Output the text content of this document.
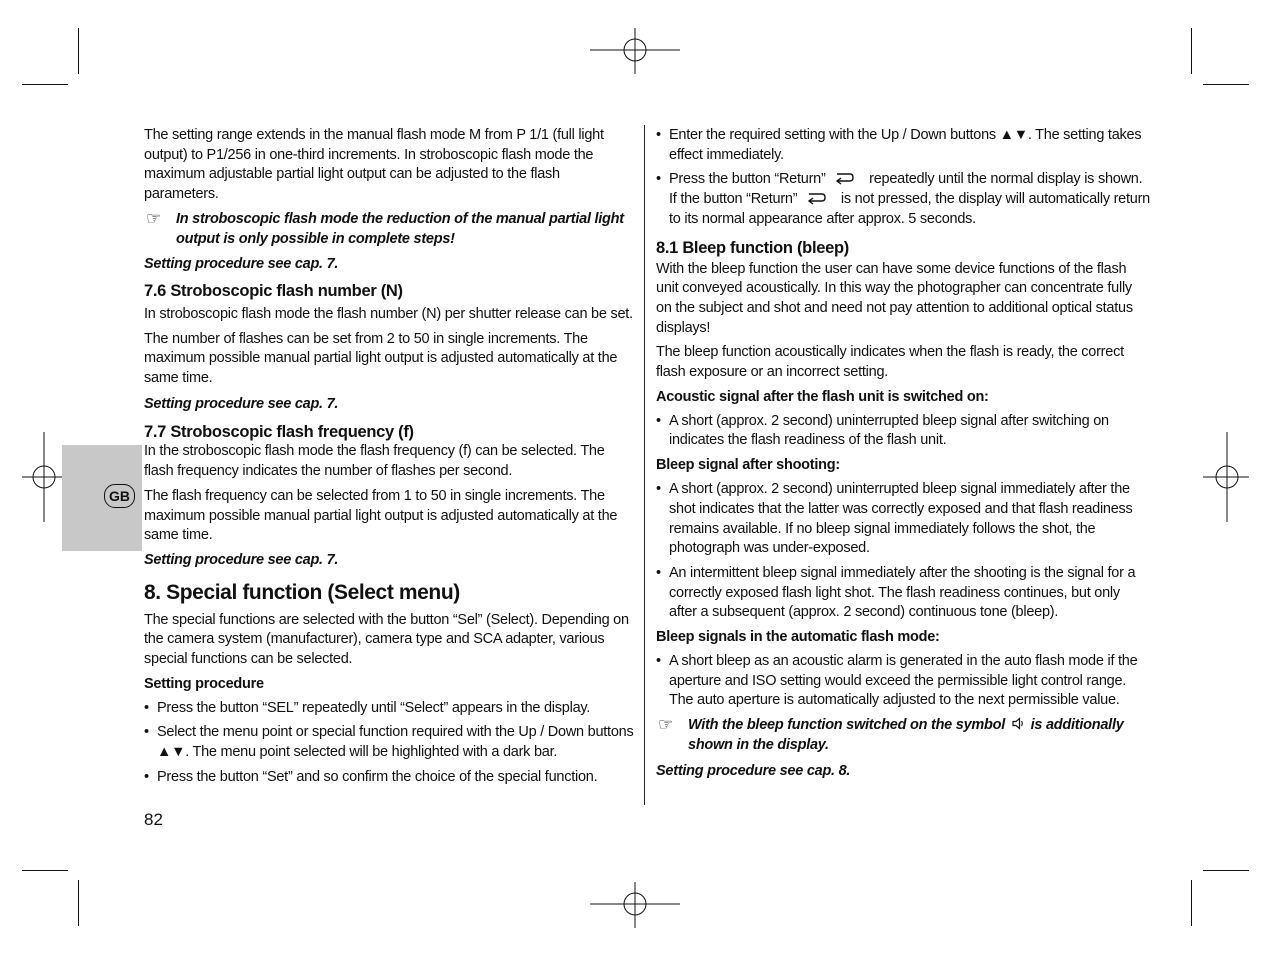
GB

The setting range extends in the manual flash mode M from P 1/1 (full light output) to P1/256 in one-third increments. In stroboscopic flash mode the maximum adjustable partial light output can be adjusted to the flash parameters.

☞ In stroboscopic flash mode the reduction of the manual partial light output is only possible in complete steps!

Setting procedure see cap. 7.

7.6 Stroboscopic flash number (N)

In stroboscopic flash mode the flash number (N) per shutter release can be set.

The number of flashes can be set from 2 to 50 in single increments. The maximum possible manual partial light output is adjusted automatically at the same time.

Setting procedure see cap. 7.

7.7 Stroboscopic flash frequency (f)

In the stroboscopic flash mode the flash frequency (f) can be selected. The flash frequency indicates the number of flashes per second.

The flash frequency can be selected from 1 to 50 in single increments. The maximum possible manual partial light output is adjusted automatically at the same time.

Setting procedure see cap. 7.

8. Special function (Select menu)

The special functions are selected with the button “Sel” (Select). Depending on the camera system (manufacturer), camera type and SCA adapter, various special functions can be selected.

Setting procedure

• Press the button “SEL” repeatedly until “Select” appears in the display.

• Select the menu point or special function required with the Up / Down buttons ▲▼. The menu point selected will be highlighted with a dark bar.

• Press the button “Set” and so confirm the choice of the special function.

• Enter the required setting with the Up / Down buttons ▲▼. The setting takes effect immediately.

• Press the button “Return”	repeatedly until the normal display is shown. If the button “Return”	is not pressed, the display will automatically return to its normal appearance after approx. 5 seconds.

8.1 Bleep function (bleep)

With the bleep function the user can have some device functions of the flash unit conveyed acoustically. In this way the photographer can concentrate fully on the subject and shot and need not pay attention to additional optical status displays!

The bleep function acoustically indicates when the flash is ready, the correct flash exposure or an incorrect setting.

Acoustic signal after the flash unit is switched on:

• A short (approx. 2 second) uninterrupted bleep signal after switching on indicates the flash readiness of the flash unit.

Bleep signal after shooting:

• A short (approx. 2 second) uninterrupted bleep signal immediately after the shot indicates that the latter was correctly exposed and that flash readiness remains available. If no bleep signal immediately follows the shot, the photograph was under-exposed.

• An intermittent bleep signal immediately after the shooting is the signal for a correctly exposed flash light shot. The flash readiness continues, but only after a subsequent (approx. 2 second) continuous tone (bleep).

Bleep signals in the automatic flash mode:

• A short bleep as an acoustic alarm is generated in the auto flash mode if the aperture and ISO setting would exceed the permissible light control range. The auto aperture is automatically adjusted to the next permissible value.

☞ With the bleep function switched on the symbol is additionally shown in the display.

Setting procedure see cap. 8.

82
